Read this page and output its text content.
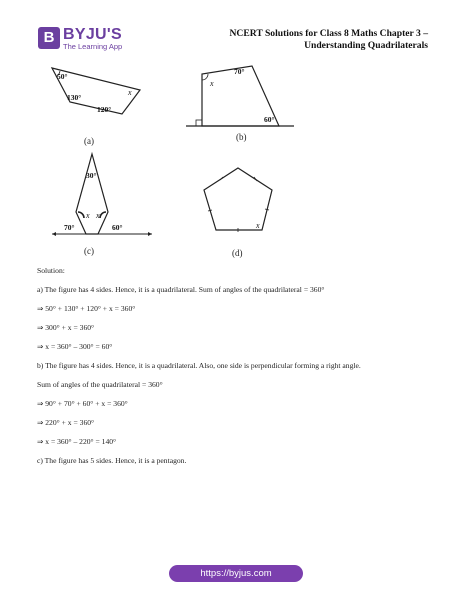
B BYJU'S
The Learning App
NCERT Solutions for Class 8 Maths Chapter 3 –
Understanding Quadrilaterals
50°
130°
120°
x
(a)
70°
60°
x
(b)
30°
70°	60°
x x
(c)
x
(d)

Solution:

a) The figure has 4 sides. Hence, it is a quadrilateral. Sum of angles of the quadrilateral = 360°

⇒ 50° + 130° + 120° + x = 360°

⇒ 300° + x = 360°

⇒ x = 360° – 300° = 60°

b) The figure has 4 sides. Hence, it is a quadrilateral. Also, one side is perpendicular forming a right angle.

Sum of angles of the quadrilateral = 360°

⇒ 90° + 70° + 60° + x = 360°

⇒ 220° + x = 360°

⇒ x = 360° – 220° = 140°

c) The figure has 5 sides. Hence, it is a pentagon.

https://byjus.com
